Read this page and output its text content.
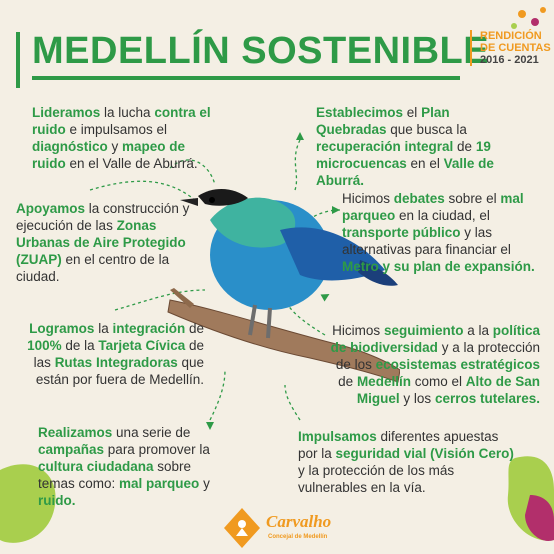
MEDELLÍN SOSTENIBLE
RENDICIÓN
DE CUENTAS
2016 - 2021
Lideramos la lucha contra el ruido e impulsamos el diagnóstico y mapeo de ruido en el Valle de Aburrá.
Establecimos el Plan Quebradas que busca la recuperación integral de 19 microcuencas en el Valle de Aburrá.
Apoyamos la construcción y ejecución de las Zonas Urbanas de Aire Protegido (ZUAP) en el centro de la ciudad.
Hicimos debates sobre el mal parqueo en la ciudad, el transporte público y las alternativas para financiar el Metro y su plan de expansión.
Logramos la integración de 100% de la Tarjeta Cívica de las Rutas Integradoras que están por fuera de Medellín.
Hicimos seguimiento a la política de biodiversidad y a la protección de los ecosistemas estratégicos de Medellín como el Alto de San Miguel y los cerros tutelares.
Realizamos una serie de campañas para promover la cultura ciudadana sobre temas como: mal parqueo y ruido.
Impulsamos diferentes apuestas por la seguridad vial (Visión Cero) y la protección de los más vulnerables en la vía.
Carvalho
Concejal de Medellín
